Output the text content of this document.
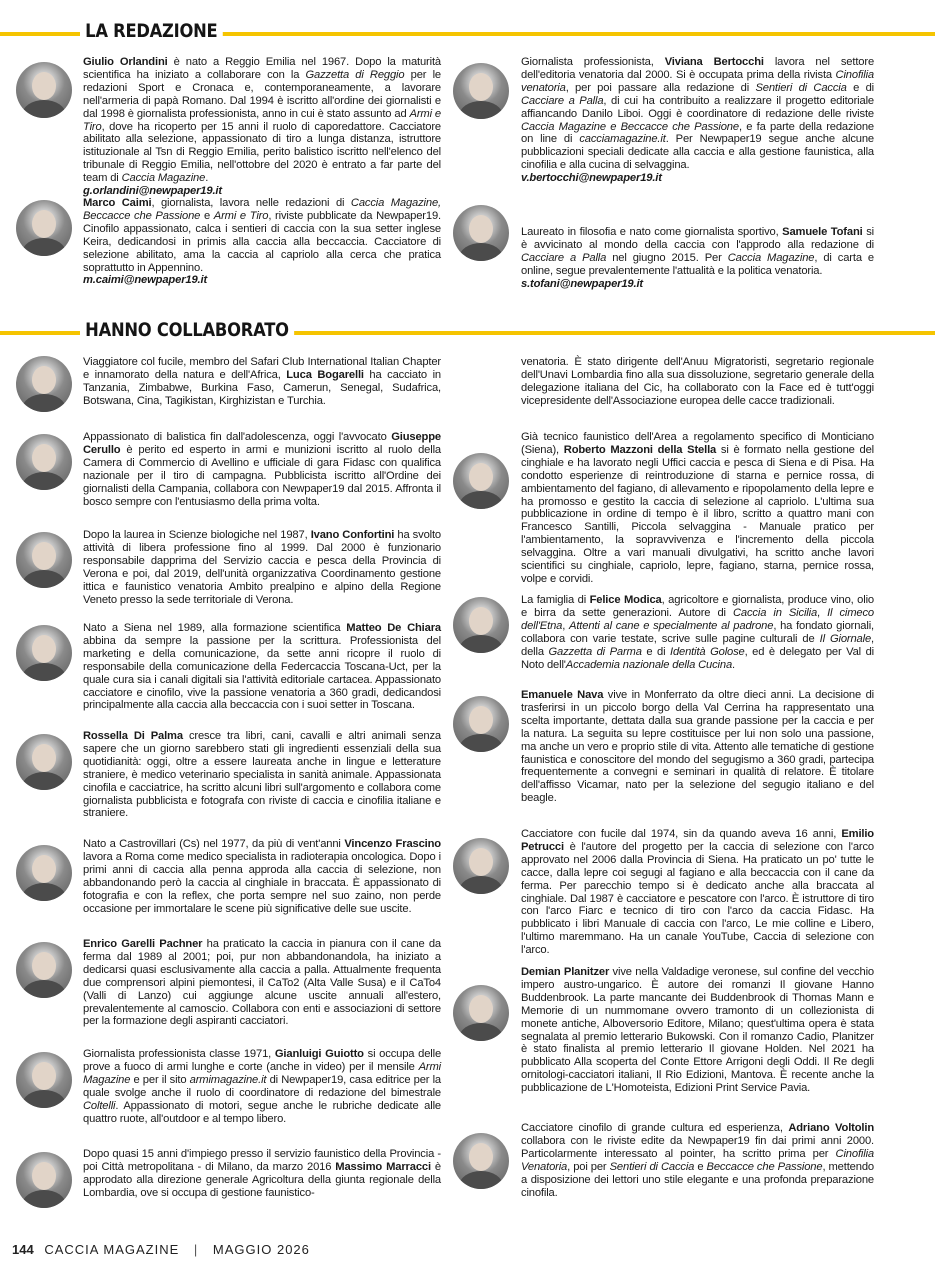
LA REDAZIONE
HANNO COLLABORATO
Giulio Orlandini è nato a Reggio Emilia nel 1967. Dopo la maturità scientifica ha iniziato a collaborare con la Gazzetta di Reggio per le redazioni Sport e Cronaca e, contemporaneamente, a lavorare nell'armeria di papà Romano. Dal 1994 è iscritto all'ordine dei giornalisti e dal 1998 è giornalista professionista, anno in cui è stato assunto ad Armi e Tiro, dove ha ricoperto per 15 anni il ruolo di caporedattore. Cacciatore abilitato alla selezione, appassionato di tiro a lunga distanza, istruttore istituzionale al Tsn di Reggio Emilia, perito balistico iscritto nell'elenco del tribunale di Reggio Emilia, nell'ottobre del 2020 è entrato a far parte del team di Caccia Magazine.
g.orlandini@newpaper19.it
Marco Caimi, giornalista, lavora nelle redazioni di Caccia Magazine, Beccacce che Passione e Armi e Tiro, riviste pubblicate da Newpaper19. Cinofilo appassionato, calca i sentieri di caccia con la sua setter inglese Keira, dedicandosi in primis alla caccia alla beccaccia. Cacciatore di selezione abilitato, ama la caccia al capriolo alla cerca che pratica soprattutto in Appennino.
m.caimi@newpaper19.it
Giornalista professionista, Viviana Bertocchi lavora nel settore dell'editoria venatoria dal 2000. Si è occupata prima della rivista Cinofilia venatoria, per poi passare alla redazione di Sentieri di Caccia e di Cacciare a Palla, di cui ha contribuito a realizzare il progetto editoriale affiancando Danilo Liboi. Oggi è coordinatore di redazione delle riviste Caccia Magazine e Beccacce che Passione, e fa parte della redazione on line di cacciamagazine.it. Per Newpaper19 segue anche alcune pubblicazioni speciali dedicate alla caccia e alla gestione faunistica, alla cinofilia e alla cucina di selvaggina.
v.bertocchi@newpaper19.it
Laureato in filosofia e nato come giornalista sportivo, Samuele Tofani si è avvicinato al mondo della caccia con l'approdo alla redazione di Cacciare a Palla nel giugno 2015. Per Caccia Magazine, di carta e online, segue prevalentemente l'attualità e la politica venatoria.
s.tofani@newpaper19.it
Viaggiatore col fucile, membro del Safari Club International Italian Chapter e innamorato della natura e dell'Africa, Luca Bogarelli ha cacciato in Tanzania, Zimbabwe, Burkina Faso, Camerun, Senegal, Sudafrica, Botswana, Cina, Tagikistan, Kirghizistan e Turchia.
Appassionato di balistica fin dall'adolescenza, oggi l'avvocato Giuseppe Cerullo è perito ed esperto in armi e munizioni iscritto al ruolo della Camera di Commercio di Avellino e ufficiale di gara Fidasc con qualifica nazionale per il tiro di campagna. Pubblicista iscritto all'Ordine dei giornalisti della Campania, collabora con Newpaper19 dal 2015. Affronta il bosco sempre con l'entusiasmo della prima volta.
Dopo la laurea in Scienze biologiche nel 1987, Ivano Confortini ha svolto attività di libera professione fino al 1999. Dal 2000 è funzionario responsabile dapprima del Servizio caccia e pesca della Provincia di Verona e poi, dal 2019, dell'unità organizzativa Coordinamento gestione ittica e faunistico venatoria Ambito prealpino e alpino della Regione Veneto presso la sede territoriale di Verona.
Nato a Siena nel 1989, alla formazione scientifica Matteo De Chiara abbina da sempre la passione per la scrittura. Professionista del marketing e della comunicazione, da sette anni ricopre il ruolo di responsabile della comunicazione della Federcaccia Toscana-Uct, per la quale cura sia i canali digitali sia l'attività editoriale cartacea. Appassionato cacciatore e cinofilo, vive la passione venatoria a 360 gradi, dedicandosi principalmente alla caccia alla beccaccia con i suoi setter in Toscana.
Rossella Di Palma cresce tra libri, cani, cavalli e altri animali senza sapere che un giorno sarebbero stati gli ingredienti essenziali della sua quotidianità: oggi, oltre a essere laureata anche in lingue e letterature straniere, è medico veterinario specialista in sanità animale. Appassionata cinofila e cacciatrice, ha scritto alcuni libri sull'argomento e collabora come giornalista pubblicista e fotografa con riviste di caccia e cinofilia italiane e straniere.
Nato a Castrovillari (Cs) nel 1977, da più di vent'anni Vincenzo Frascino lavora a Roma come medico specialista in radioterapia oncologica. Dopo i primi anni di caccia alla penna approda alla caccia di selezione, non abbandonando però la caccia al cinghiale in braccata. È appassionato di fotografia e con la reflex, che porta sempre nel suo zaino, non perde occasione per immortalare le scene più significative delle sue uscite.
Enrico Garelli Pachner ha praticato la caccia in pianura con il cane da ferma dal 1989 al 2001; poi, pur non abbandonandola, ha iniziato a dedicarsi quasi esclusivamente alla caccia a palla. Attualmente frequenta due comprensori alpini piemontesi, il CaTo2 (Alta Valle Susa) e il CaTo4 (Valli di Lanzo) cui aggiunge alcune uscite annuali all'estero, prevalentemente al camoscio. Collabora con enti e associazioni di settore per la formazione degli aspiranti cacciatori.
Giornalista professionista classe 1971, Gianluigi Guiotto si occupa delle prove a fuoco di armi lunghe e corte (anche in video) per il mensile Armi Magazine e per il sito armimagazine.it di Newpaper19, casa editrice per la quale svolge anche il ruolo di coordinatore di redazione del bimestrale Coltelli. Appassionato di motori, segue anche le rubriche dedicate alle quattro ruote, all'outdoor e al tempo libero.
Dopo quasi 15 anni d'impiego presso il servizio faunistico della Provincia - poi Città metropolitana - di Milano, da marzo 2016 Massimo Marracci è approdato alla direzione generale Agricoltura della giunta regionale della Lombardia, ove si occupa di gestione faunistico-
venatoria. È stato dirigente dell'Anuu Migratoristi, segretario regionale dell'Unavi Lombardia fino alla sua dissoluzione, segretario generale della delegazione italiana del Cic, ha collaborato con la Face ed è tutt'oggi vicepresidente dell'Associazione europea delle cacce tradizionali.
Già tecnico faunistico dell'Area a regolamento specifico di Monticiano (Siena), Roberto Mazzoni della Stella si è formato nella gestione del cinghiale e ha lavorato negli Uffici caccia e pesca di Siena e di Pisa. Ha condotto esperienze di reintroduzione di starna e pernice rossa, di ambientamento del fagiano, di allevamento e ripopolamento della lepre e ha promosso e gestito la caccia di selezione al capriolo. L'ultima sua pubblicazione in ordine di tempo è il libro, scritto a quattro mani con Francesco Santilli, Piccola selvaggina - Manuale pratico per l'ambientamento, la sopravvivenza e l'incremento della piccola selvaggina. Oltre a vari manuali divulgativi, ha scritto anche lavori scientifici su cinghiale, capriolo, lepre, fagiano, starna, pernice rossa, volpe e corvidi.
La famiglia di Felice Modica, agricoltore e giornalista, produce vino, olio e birra da sette generazioni. Autore di Caccia in Sicilia, Il cimeco dell'Etna, Attenti al cane e specialmente al padrone, ha fondato giornali, collabora con varie testate, scrive sulle pagine culturali de Il Giornale, della Gazzetta di Parma e di Identità Golose, ed è delegato per Val di Noto dell'Accademia nazionale della Cucina.
Emanuele Nava vive in Monferrato da oltre dieci anni. La decisione di trasferirsi in un piccolo borgo della Val Cerrina ha rappresentato una scelta importante, dettata dalla sua grande passione per la caccia e per la natura. La seguita su lepre costituisce per lui non solo una passione, ma anche un vero e proprio stile di vita. Attento alle tematiche di gestione faunistica e conoscitore del mondo del segugismo a 360 gradi, partecipa frequentemente a convegni e seminari in qualità di relatore. È titolare dell'affisso Vicamar, nato per la selezione del segugio italiano e del beagle.
Cacciatore con fucile dal 1974, sin da quando aveva 16 anni, Emilio Petrucci è l'autore del progetto per la caccia di selezione con l'arco approvato nel 2006 dalla Provincia di Siena. Ha praticato un po' tutte le cacce, dalla lepre coi segugi al fagiano e alla beccaccia con il cane da ferma. Per parecchio tempo si è dedicato anche alla braccata al cinghiale. Dal 1987 è cacciatore e pescatore con l'arco. È istruttore di tiro con l'arco Fiarc e tecnico di tiro con l'arco da caccia Fidasc. Ha pubblicato i libri Manuale di caccia con l'arco, Le mie colline e Libero, l'ultimo maremmano. Ha un canale YouTube, Caccia di selezione con l'arco.
Demian Planitzer vive nella Valdadige veronese, sul confine del vecchio impero austro-ungarico. È autore dei romanzi Il giovane Hanno Buddenbrook. La parte mancante dei Buddenbrook di Thomas Mann e Memorie di un nummomane ovvero tramonto di un collezionista di monete antiche, Alboversorio Editore, Milano; quest'ultima opera è stata segnalata al premio letterario Bukowski. Con il romanzo Cadio, Planitzer è stato finalista al premio letterario Il giovane Holden. Nel 2021 ha pubblicato Alla scoperta del Conte Ettore Arrigoni degli Oddi. Il Re degli ornitologi-cacciatori italiani, Il Rio Edizioni, Mantova. È recente anche la pubblicazione de L'Homoteista, Edizioni Print Service Pavia.
Cacciatore cinofilo di grande cultura ed esperienza, Adriano Voltolin collabora con le riviste edite da Newpaper19 fin dai primi anni 2000. Particolarmente interessato al pointer, ha scritto prima per Cinofilia Venatoria, poi per Sentieri di Caccia e Beccacce che Passione, mettendo a disposizione dei lettori uno stile elegante e una profonda preparazione cinofila.
144 CACCIA MAGAZINE | MAGGIO 2026
